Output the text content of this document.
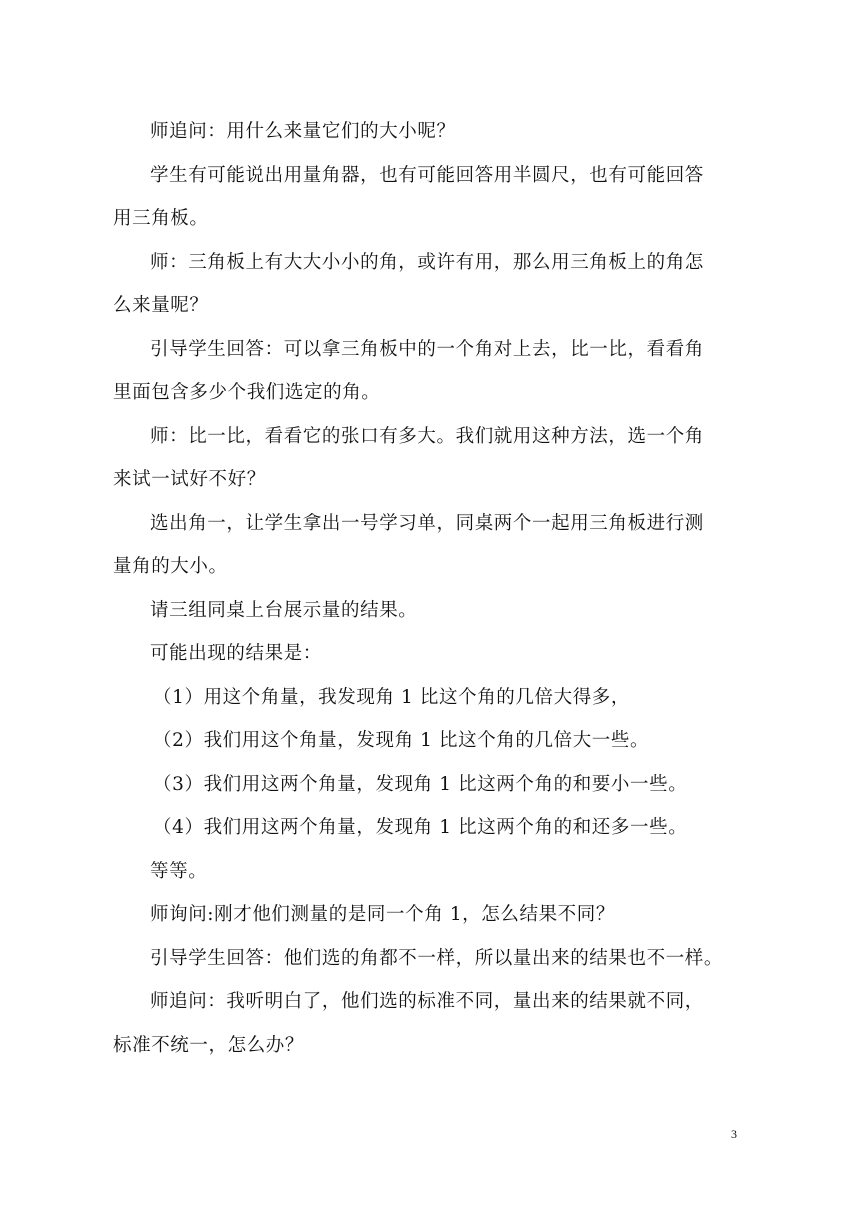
师追问：用什么来量它们的大小呢？

学生有可能说出用量角器，也有可能回答用半圆尺，也有可能回答

用三角板。

师：三角板上有大大小小的角，或许有用，那么用三角板上的角怎

么来量呢？

引导学生回答：可以拿三角板中的一个角对上去，比一比，看看角

里面包含多少个我们选定的角。

师：比一比，看看它的张口有多大。我们就用这种方法，选一个角

来试一试好不好？

选出角一，让学生拿出一号学习单，同桌两个一起用三角板进行测

量角的大小。

请三组同桌上台展示量的结果。

可能出现的结果是：

（1）用这个角量，我发现角 1 比这个角的几倍大得多，

（2）我们用这个角量，发现角 1 比这个角的几倍大一些。

（3）我们用这两个角量，发现角 1 比这两个角的和要小一些。

（4）我们用这两个角量，发现角 1 比这两个角的和还多一些。

等等。

师询问:刚才他们测量的是同一个角 1，怎么结果不同？

引导学生回答：他们选的角都不一样，所以量出来的结果也不一样。

师追问：我听明白了，他们选的标准不同，量出来的结果就不同，

标准不统一，怎么办？

3
